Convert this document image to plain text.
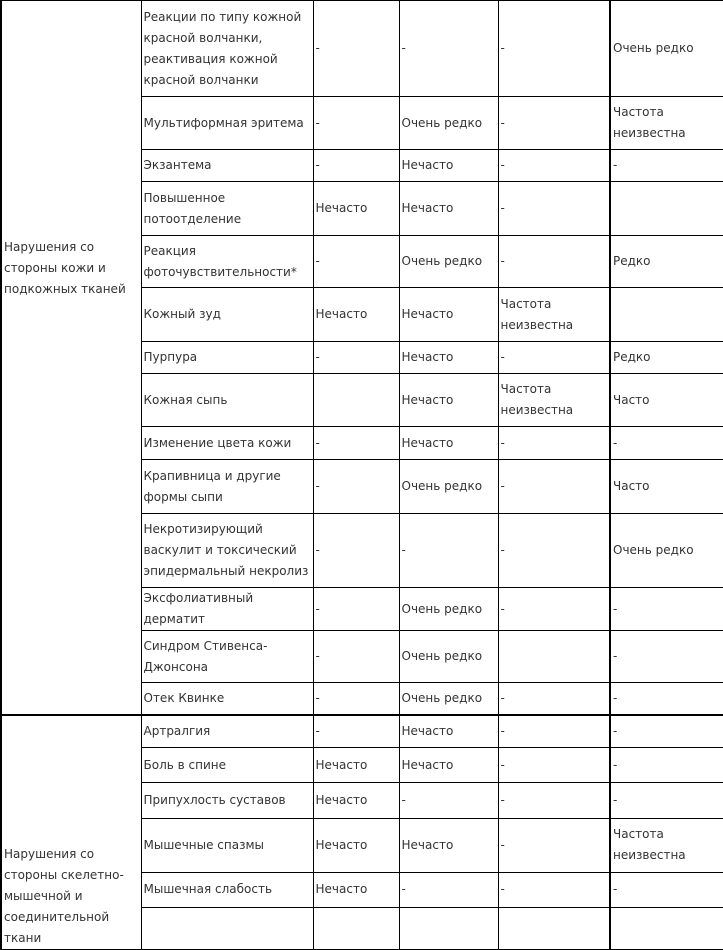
Нарушения со стороны кожи и подкожных тканей	Реакции по типу кожной красной волчанки, реактивация кожной красной волчанки	-	-	-	Очень редко
	Мультиформная эритема	-	Очень редко	-	Частота неизвестна
	Экзантема	-	Нечасто	-	-
	Повышенное потоотделение	Нечасто	Нечасто	-	
	Реакция фоточувствительности*	-	Очень редко	-	Редко
	Кожный зуд	Нечасто	Нечасто	Частота неизвестна	
	Пурпура	-	Нечасто	-	Редко
	Кожная сыпь		Нечасто	Частота неизвестна	Часто
	Изменение цвета кожи	-	Нечасто	-	-
	Крапивница и другие формы сыпи	-	Очень редко	-	Часто
	Некротизирующий васкулит и токсический эпидермальный некролиз	-	-	-	Очень редко
	Эксфолиативный дерматит	-	Очень редко	-	-
	Синдром Стивенса-Джонсона	-	Очень редко		-
	Отек Квинке	-	Очень редко	-	-
Нарушения со стороны скелетно-мышечной и соединительной ткани	Артралгия	-	Нечасто	-	-
	Боль в спине	Нечасто	Нечасто	-	-
	Припухлость суставов	Нечасто	-	-	-
	Мышечные спазмы	Нечасто	Нечасто	-	Частота неизвестна
	Мышечная слабость	Нечасто	-	-	-
